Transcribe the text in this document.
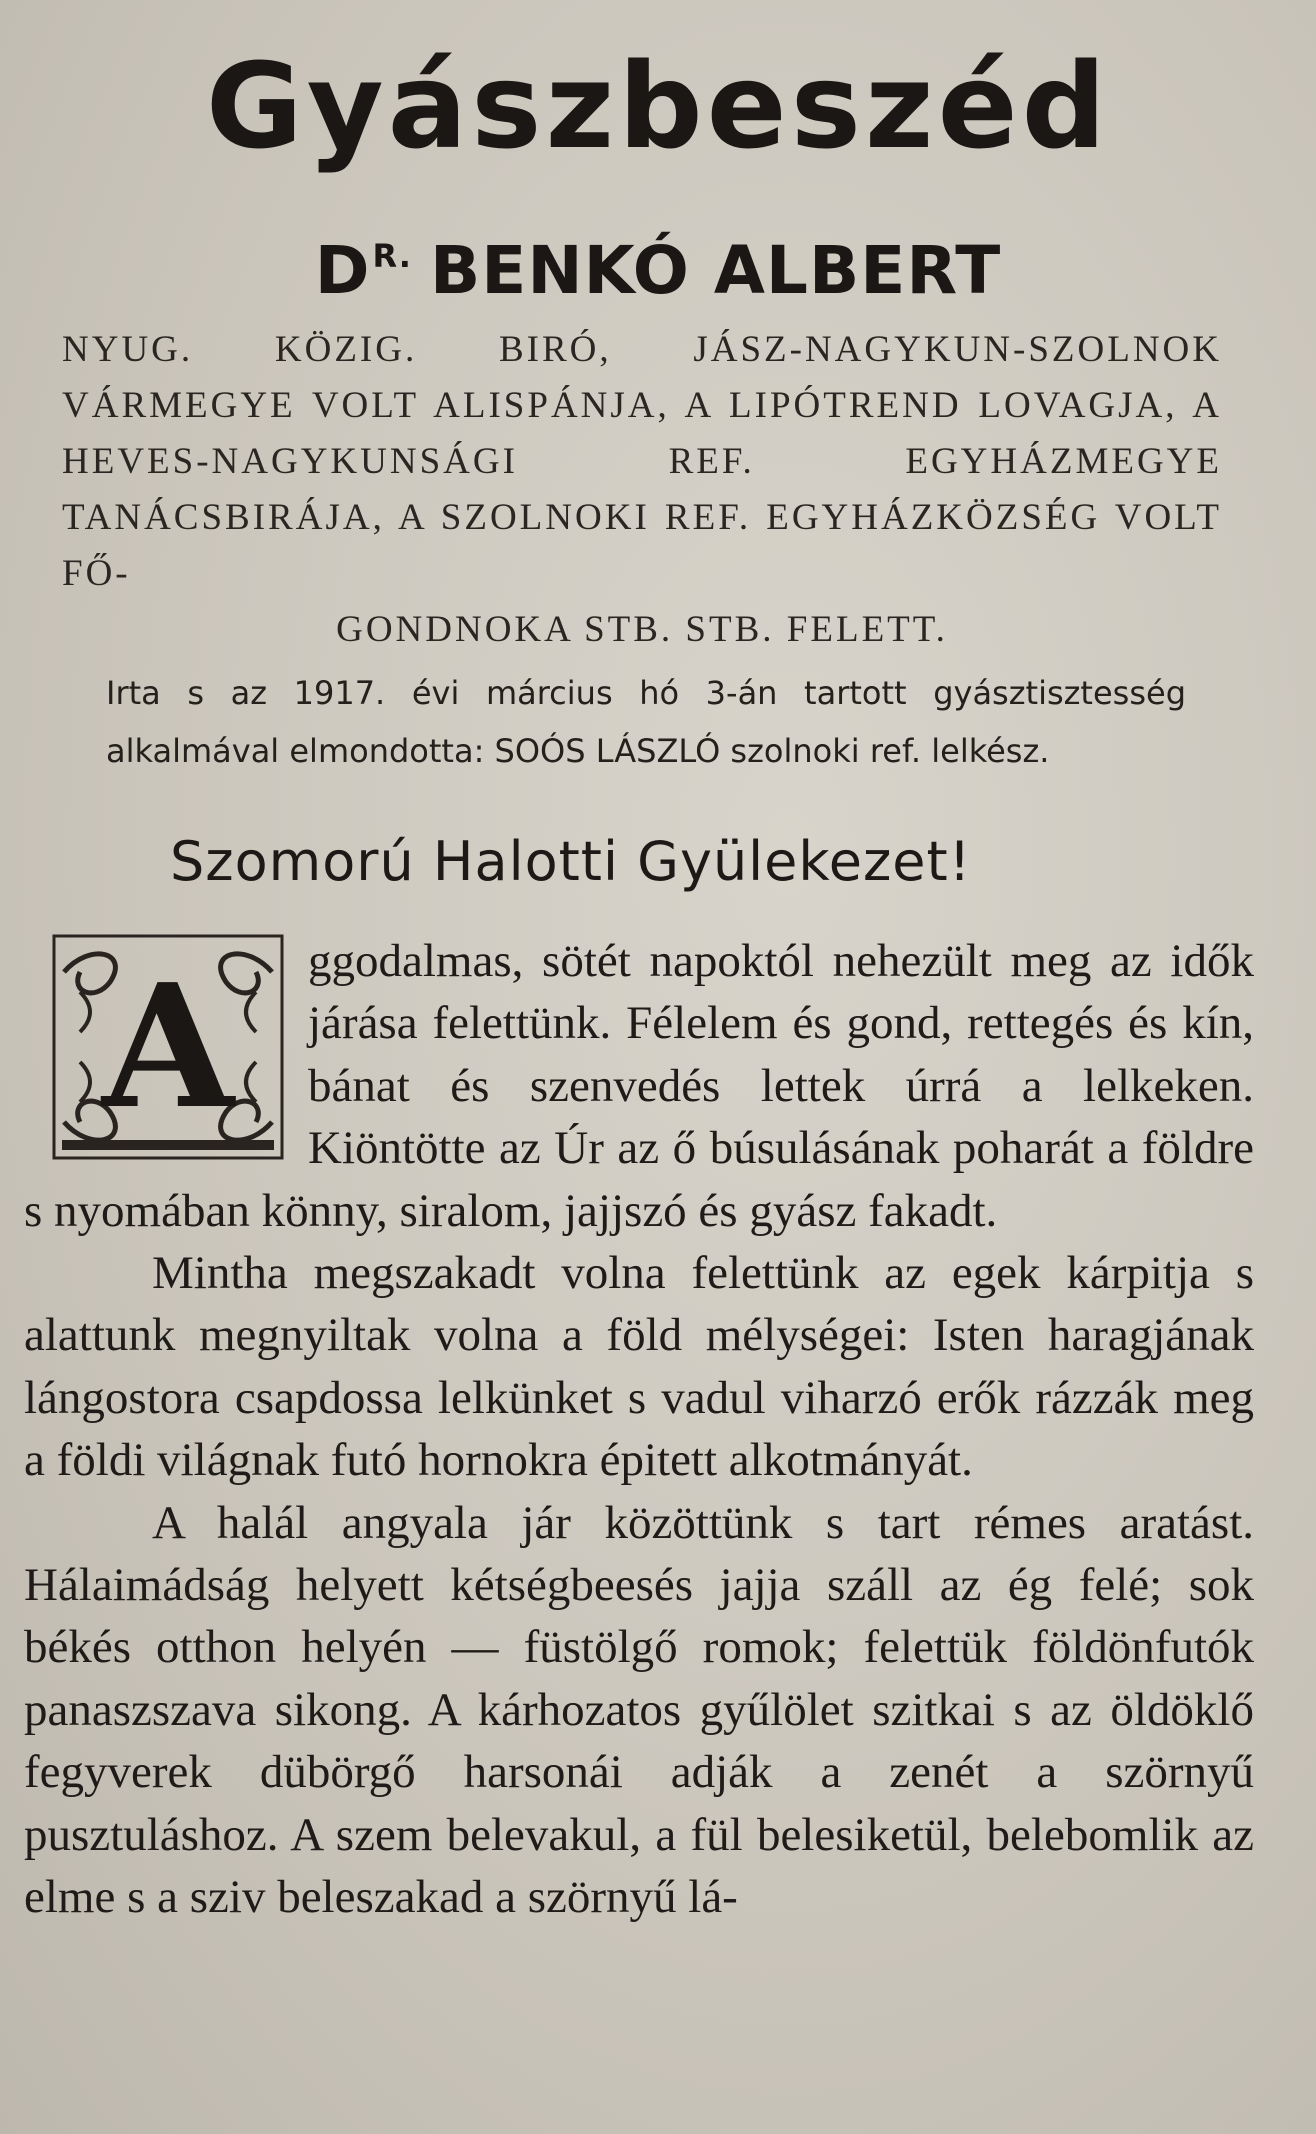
Gyászbeszéd
$D^{R.}$ BENKÓ ALBERT
NYUG. KÖZIG. BIRÓ, JÁSZ-NAGYKUN-SZOLNOK VÁRMEGYE VOLT ALISPÁNJA, A LIPÓTREND LOVAGJA, A HEVES-NAGYKUNSÁGI REF. EGYHÁZMEGYE TANÁCSBIRÁJA, A SZOLNOKI REF. EGYHÁZKÖZSÉG VOLT FŐ-
GONDNOKA STB. STB. FELETT.
Irta s az 1917. évi március hó 3-án tartott gyásztisztesség
alkalmával elmondotta: SOÓS LÁSZLÓ szolnoki ref. lelkész.
Szomorú Halotti Gyülekezet!
A	ggodalmas, sötét napoktól nehezült meg az idők járása felettünk. Félelem és gond, rettegés és kín, bánat és szenvedés lettek úrrá a lelkeken. Kiöntötte az Úr az ő búsulásának poharát a földre s nyomában könny, siralom, jajjszó és gyász fakadt.

Mintha megszakadt volna felettünk az egek kárpitja s alattunk megnyiltak volna a föld mélységei: Isten haragjának lángostora csapdossa lelkünket s vadul viharzó erők rázzák meg a földi világnak futó hornokra épitett alkotmányát.

A halál angyala jár közöttünk s tart rémes aratást. Hálaimádság helyett kétségbeesés jajja száll az ég felé; sok békés otthon helyén — füstölgő romok; felettük földönfutók panaszszava sikong. A kárhozatos gyűlölet szitkai s az öldöklő fegyverek dübörgő harsonái adják a zenét a szörnyű pusztuláshoz. A szem belevakul, a fül belesiketül, belebomlik az elme s a sziv beleszakad a szörnyű lá-
